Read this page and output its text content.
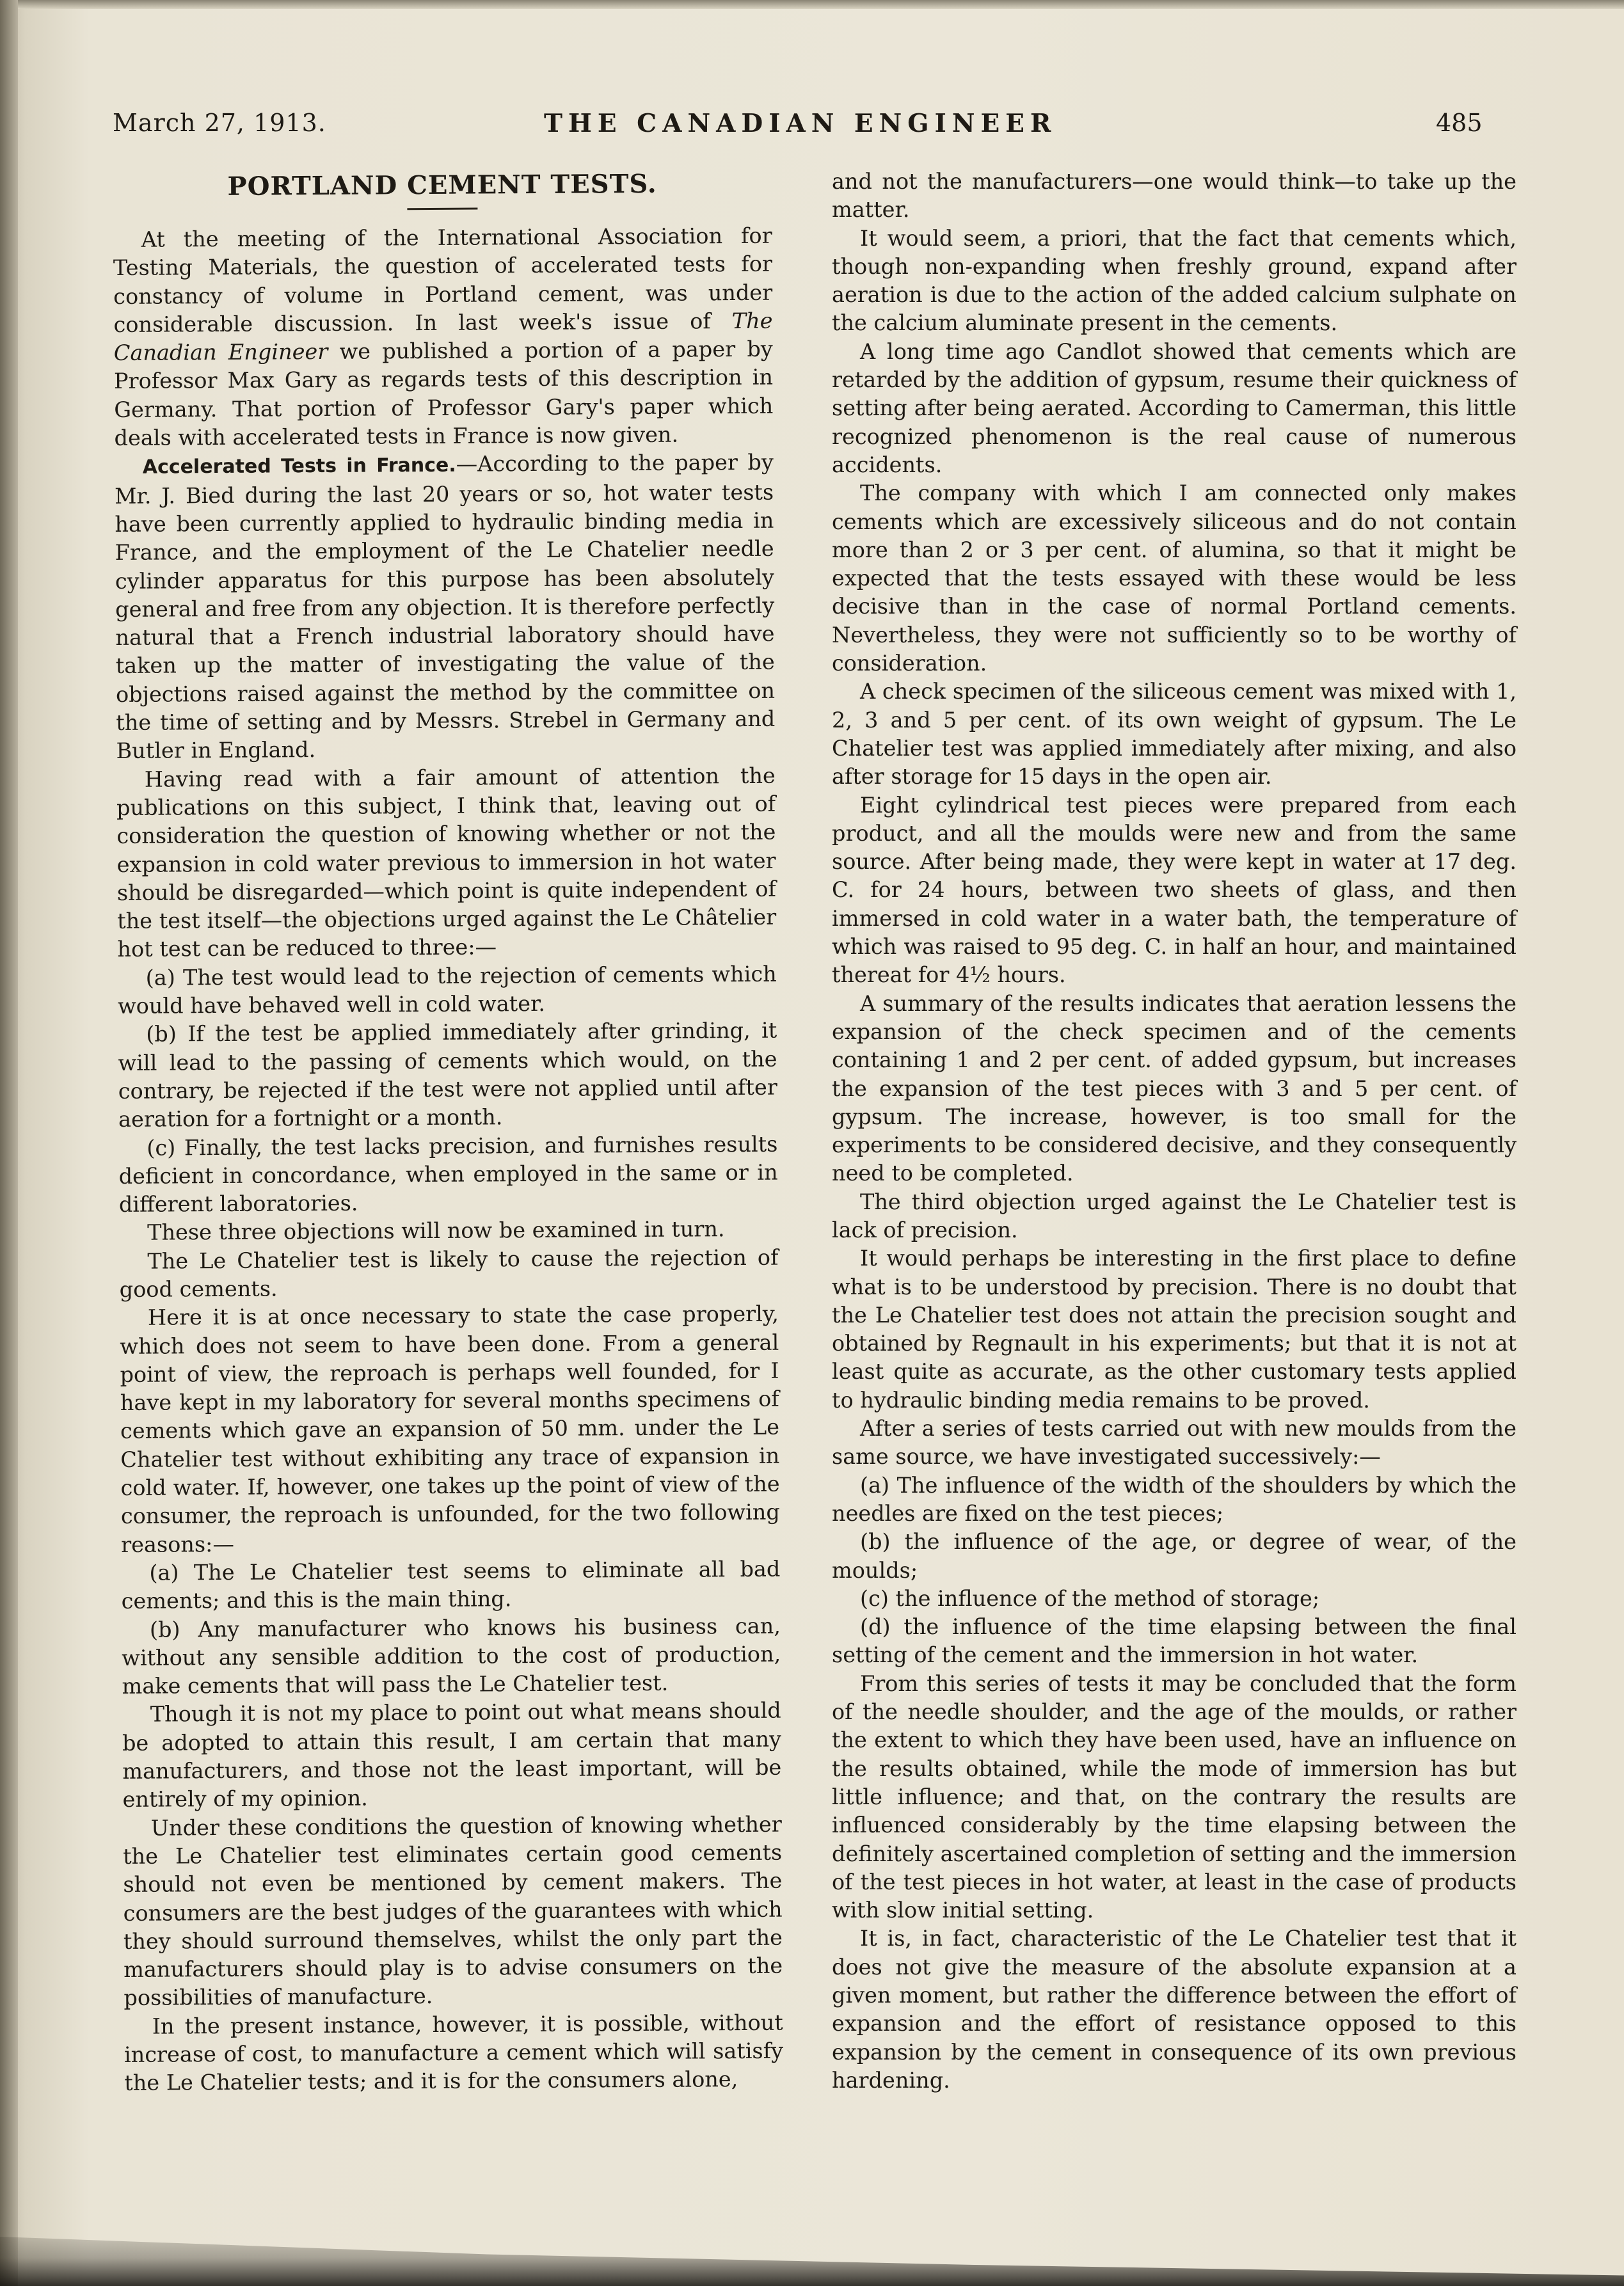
March 27, 1913.	THE CANADIAN ENGINEER	485
PORTLAND CEMENT TESTS.

At the meeting of the International Association for Testing Materials, the question of accelerated tests for constancy of volume in Portland cement, was under considerable discussion. In last week's issue of The Canadian Engineer we published a portion of a paper by Professor Max Gary as regards tests of this description in Germany. That portion of Professor Gary's paper which deals with accelerated tests in France is now given.

Accelerated Tests in France.—According to the paper by Mr. J. Bied during the last 20 years or so, hot water tests have been currently applied to hydraulic binding media in France, and the employment of the Le Chatelier needle cylinder apparatus for this purpose has been absolutely general and free from any objection. It is therefore perfectly natural that a French industrial laboratory should have taken up the matter of investigating the value of the objections raised against the method by the committee on the time of setting and by Messrs. Strebel in Germany and Butler in England.

Having read with a fair amount of attention the publications on this subject, I think that, leaving out of consideration the question of knowing whether or not the expansion in cold water previous to immersion in hot water should be disregarded—which point is quite independent of the test itself—the objections urged against the Le Châtelier hot test can be reduced to three:—

(a) The test would lead to the rejection of cements which would have behaved well in cold water.

(b) If the test be applied immediately after grinding, it will lead to the passing of cements which would, on the contrary, be rejected if the test were not applied until after aeration for a fortnight or a month.

(c) Finally, the test lacks precision, and furnishes results deficient in concordance, when employed in the same or in different laboratories.

These three objections will now be examined in turn.

The Le Chatelier test is likely to cause the rejection of good cements.

Here it is at once necessary to state the case properly, which does not seem to have been done. From a general point of view, the reproach is perhaps well founded, for I have kept in my laboratory for several months specimens of cements which gave an expansion of 50 mm. under the Le Chatelier test without exhibiting any trace of expansion in cold water. If, however, one takes up the point of view of the consumer, the reproach is unfounded, for the two following reasons:—

(a) The Le Chatelier test seems to eliminate all bad cements; and this is the main thing.

(b) Any manufacturer who knows his business can, without any sensible addition to the cost of production, make cements that will pass the Le Chatelier test.

Though it is not my place to point out what means should be adopted to attain this result, I am certain that many manufacturers, and those not the least important, will be entirely of my opinion.

Under these conditions the question of knowing whether the Le Chatelier test eliminates certain good cements should not even be mentioned by cement makers. The consumers are the best judges of the guarantees with which they should surround themselves, whilst the only part the manufacturers should play is to advise consumers on the possibilities of manufacture.

In the present instance, however, it is possible, without increase of cost, to manufacture a cement which will satisfy the Le Chatelier tests; and it is for the consumers alone,

and not the manufacturers—one would think—to take up the matter.

It would seem, a priori, that the fact that cements which, though non-expanding when freshly ground, expand after aeration is due to the action of the added calcium sulphate on the calcium aluminate present in the cements.

A long time ago Candlot showed that cements which are retarded by the addition of gypsum, resume their quickness of setting after being aerated. According to Camerman, this little recognized phenomenon is the real cause of numerous accidents.

The company with which I am connected only makes cements which are excessively siliceous and do not contain more than 2 or 3 per cent. of alumina, so that it might be expected that the tests essayed with these would be less decisive than in the case of normal Portland cements. Nevertheless, they were not sufficiently so to be worthy of consideration.

A check specimen of the siliceous cement was mixed with 1, 2, 3 and 5 per cent. of its own weight of gypsum. The Le Chatelier test was applied immediately after mixing, and also after storage for 15 days in the open air.

Eight cylindrical test pieces were prepared from each product, and all the moulds were new and from the same source. After being made, they were kept in water at 17 deg. C. for 24 hours, between two sheets of glass, and then immersed in cold water in a water bath, the temperature of which was raised to 95 deg. C. in half an hour, and maintained thereat for 4½ hours.

A summary of the results indicates that aeration lessens the expansion of the check specimen and of the cements containing 1 and 2 per cent. of added gypsum, but increases the expansion of the test pieces with 3 and 5 per cent. of gypsum. The increase, however, is too small for the experiments to be considered decisive, and they consequently need to be completed.

The third objection urged against the Le Chatelier test is lack of precision.

It would perhaps be interesting in the first place to define what is to be understood by precision. There is no doubt that the Le Chatelier test does not attain the precision sought and obtained by Regnault in his experiments; but that it is not at least quite as accurate, as the other customary tests applied to hydraulic binding media remains to be proved.

After a series of tests carried out with new moulds from the same source, we have investigated successively:—

(a) The influence of the width of the shoulders by which the needles are fixed on the test pieces;

(b) the influence of the age, or degree of wear, of the moulds;

(c) the influence of the method of storage;

(d) the influence of the time elapsing between the final setting of the cement and the immersion in hot water.

From this series of tests it may be concluded that the form of the needle shoulder, and the age of the moulds, or rather the extent to which they have been used, have an influence on the results obtained, while the mode of immersion has but little influence; and that, on the contrary the results are influenced considerably by the time elapsing between the definitely ascertained completion of setting and the immersion of the test pieces in hot water, at least in the case of products with slow initial setting.

It is, in fact, characteristic of the Le Chatelier test that it does not give the measure of the absolute expansion at a given moment, but rather the difference between the effort of expansion and the effort of resistance opposed to this expansion by the cement in consequence of its own previous hardening.
